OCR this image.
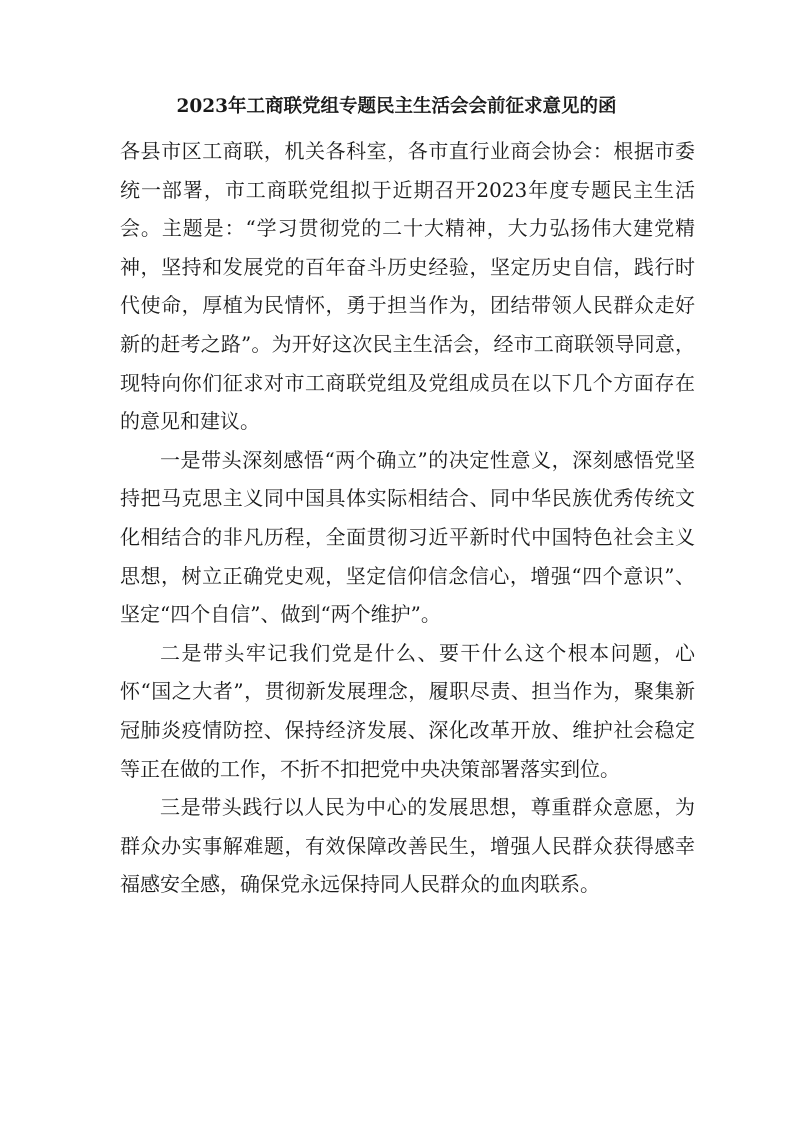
2023年工商联党组专题民主生活会会前征求意见的函

各县市区工商联，机关各科室，各市直行业商会协会：根据市委统一部署，市工商联党组拟于近期召开2023年度专题民主生活会。主题是：“学习贯彻党的二十大精神，大力弘扬伟大建党精神，坚持和发展党的百年奋斗历史经验，坚定历史自信，践行时代使命，厚植为民情怀，勇于担当作为，团结带领人民群众走好新的赶考之路”。为开好这次民主生活会，经市工商联领导同意，现特向你们征求对市工商联党组及党组成员在以下几个方面存在的意见和建议。

一是带头深刻感悟“两个确立”的决定性意义，深刻感悟党坚持把马克思主义同中国具体实际相结合、同中华民族优秀传统文化相结合的非凡历程，全面贯彻习近平新时代中国特色社会主义思想，树立正确党史观，坚定信仰信念信心，增强“四个意识”、坚定“四个自信”、做到“两个维护”。

二是带头牢记我们党是什么、要干什么这个根本问题，心怀“国之大者”，贯彻新发展理念，履职尽责、担当作为，聚集新冠肺炎疫情防控、保持经济发展、深化改革开放、维护社会稳定等正在做的工作，不折不扣把党中央决策部署落实到位。

三是带头践行以人民为中心的发展思想，尊重群众意愿，为群众办实事解难题，有效保障改善民生，增强人民群众获得感幸福感安全感，确保党永远保持同人民群众的血肉联系。
